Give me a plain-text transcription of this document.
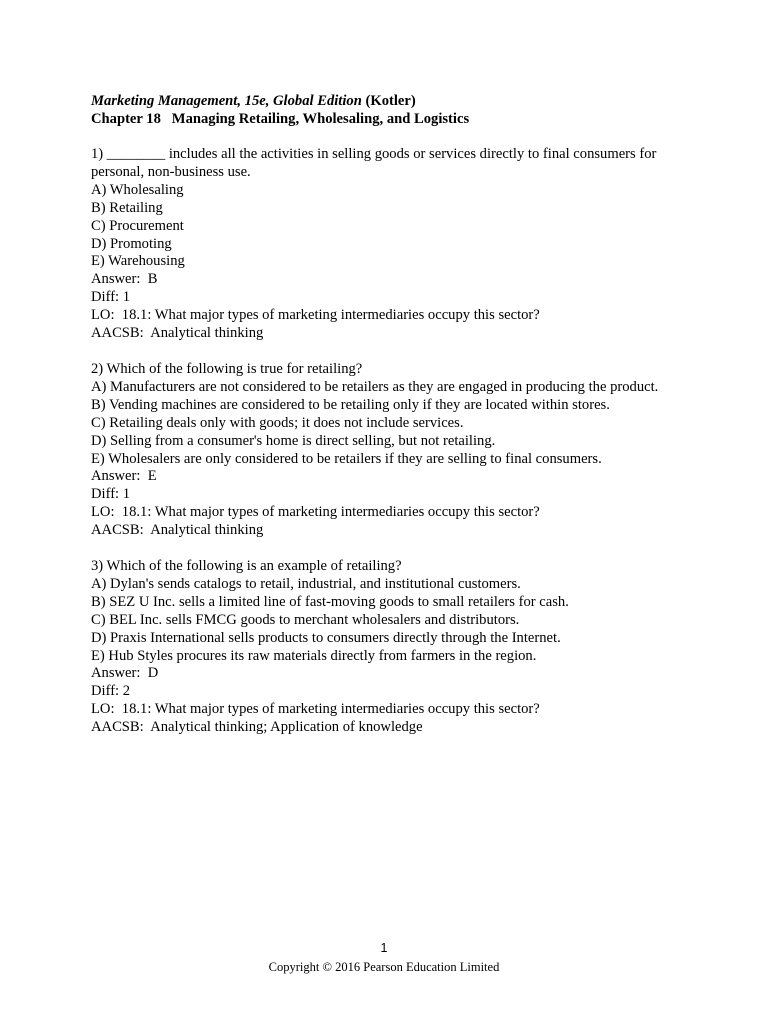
Marketing Management, 15e, Global Edition (Kotler)
Chapter 18   Managing Retailing, Wholesaling, and Logistics
1) ________ includes all the activities in selling goods or services directly to final consumers for personal, non-business use.
A) Wholesaling
B) Retailing
C) Procurement
D) Promoting
E) Warehousing
Answer:  B
Diff: 1
LO:  18.1: What major types of marketing intermediaries occupy this sector?
AACSB:  Analytical thinking
2) Which of the following is true for retailing?
A) Manufacturers are not considered to be retailers as they are engaged in producing the product.
B) Vending machines are considered to be retailing only if they are located within stores.
C) Retailing deals only with goods; it does not include services.
D) Selling from a consumer's home is direct selling, but not retailing.
E) Wholesalers are only considered to be retailers if they are selling to final consumers.
Answer:  E
Diff: 1
LO:  18.1: What major types of marketing intermediaries occupy this sector?
AACSB:  Analytical thinking
3) Which of the following is an example of retailing?
A) Dylan's sends catalogs to retail, industrial, and institutional customers.
B) SEZ U Inc. sells a limited line of fast-moving goods to small retailers for cash.
C) BEL Inc. sells FMCG goods to merchant wholesalers and distributors.
D) Praxis International sells products to consumers directly through the Internet.
E) Hub Styles procures its raw materials directly from farmers in the region.
Answer:  D
Diff: 2
LO:  18.1: What major types of marketing intermediaries occupy this sector?
AACSB:  Analytical thinking; Application of knowledge
1
Copyright © 2016 Pearson Education Limited
